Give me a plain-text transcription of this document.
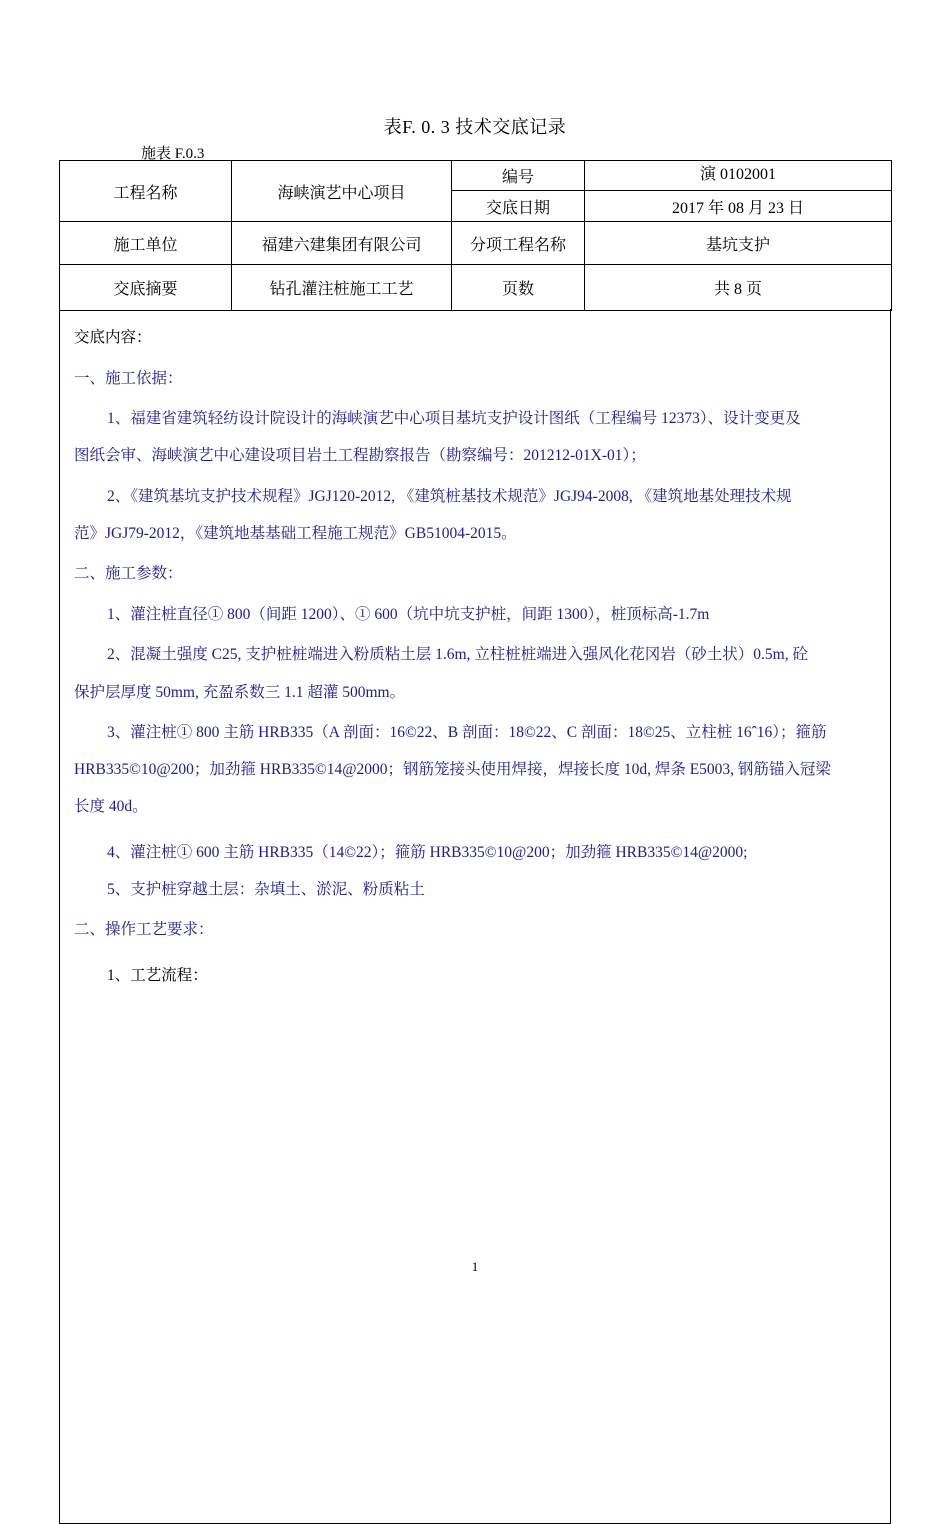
表F. 0. 3 技术交底记录
施表 F.0.3
工程名称	海峡演艺中心项目	编号	演 0102001
		交底日期	2017 年 08 月 23 日
施工单位	福建六建集团有限公司	分项工程名称	基坑支护
交底摘要	钻孔灌注桩施工工艺	页数	共 8 页
交底内容：
一、施工依据：
1、福建省建筑轻纺设计院设计的海峡演艺中心项目基坑支护设计图纸（工程编号 12373）、设计变更及
图纸会审、海峡演艺中心建设项目岩土工程勘察报告（勘察编号：201212-01X-01）；
2、《建筑基坑支护技术规程》JGJ120-2012, 《建筑桩基技术规范》JGJ94-2008, 《建筑地基处理技术规
范》JGJ79-2012，《建筑地基基础工程施工规范》GB51004-2015。
二、施工参数：
1、灌注桩直径① 800（间距 1200）、① 600（坑中坑支护桩，间距 1300），桩顶标高-1.7m
2、混凝土强度 C25, 支护桩桩端进入粉质粘土层 1.6m, 立柱桩桩端进入强风化花冈岩（砂土状）0.5m, 砼
保护层厚度 50mm, 充盈系数三 1.1 超灌 500mm。
3、灌注桩① 800 主筋 HRB335（A 剖面：16©22、B 剖面：18©22、C 剖面：18©25、立柱桩 16ˆ16）；箍筋
HRB335©10@200；加劲箍 HRB335©14@2000；钢筋笼接头使用焊接，焊接长度 10d, 焊条 E5003, 钢筋锚入冠梁
长度 40d。
4、灌注桩① 600 主筋 HRB335（14©22）；箍筋 HRB335©10@200；加劲箍 HRB335©14@2000;
5、支护桩穿越土层：杂填土、淤泥、粉质粘土
二、操作工艺要求：
1、工艺流程：
1
